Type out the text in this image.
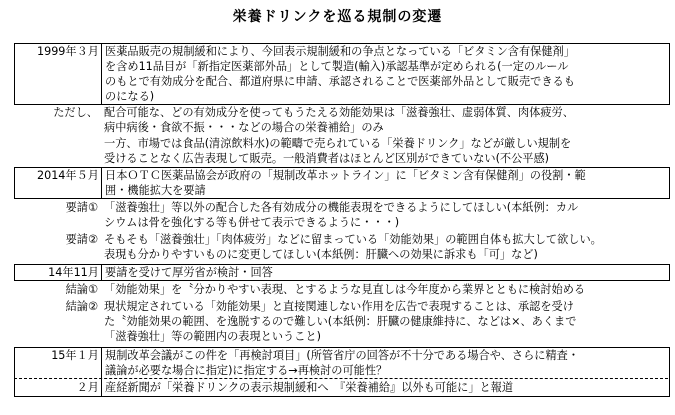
栄養ドリンクを巡る規制の変遷
1999年３月 医薬品販売の規制緩和により、今回表示規制緩和の争点となっている「ビタミン含有保健剤」
を含め11品目が「新指定医薬部外品」として製造(輸入)承認基準が定められる(一定のルール
のもとで有効成分を配合、都道府県に申請、承認されることで医薬部外品として販売できるも
のになる)
ただし、 配合可能な、どの有効成分を使ってもうたえる効能効果は「滋養強壮、虚弱体質、肉体疲労、
病中病後・食欲不振・・・などの場合の栄養補給」のみ
一方、市場では食品(清涼飲料水)の範疇で売られている「栄養ドリンク」などが厳しい規制を
受けることなく広告表現して販売。一般消費者はほとんど区別ができていない(不公平感)
2014年５月 日本ＯＴＣ医薬品協会が政府の「規制改革ホットライン」に「ビタミン含有保健剤」の役割・範
囲・機能拡大を要請
要請① 「滋養強壮」等以外の配合した各有効成分の機能表現をできるようにしてほしい(本紙例：カル
シウムは骨を強化する等も併せて表示できるように・・・)
要請② そもそも「滋養強壮」「肉体疲労」などに留まっている「効能効果」の範囲自体も拡大して欲しい。
表現も分かりやすいものに変更してほしい(本紙例：肝臓への効果に訴求も「可」など)
14年11月 要請を受けて厚労省が検討・回答
結論① 「効能効果」を〝分かりやすい表現、とするような見直しは今年度から業界とともに検討始める
結論② 現状規定されている「効能効果」と直接関連しない作用を広告で表現することは、承認を受け
た〝効能効果の範囲、を逸脱するので難しい(本紙例：肝臓の健康維持に、などは×、あくまで
「滋養強壮」等の範囲内の表現ということ)
15年１月 規制改革会議がこの件を「再検討項目」(所管省庁の回答が不十分である場合や、さらに精査・
議論が必要な場合に指定)に指定する→再検討の可能性？
２月 産経新聞が「栄養ドリンクの表示規制緩和へ　『栄養補給』以外も可能に」と報道
